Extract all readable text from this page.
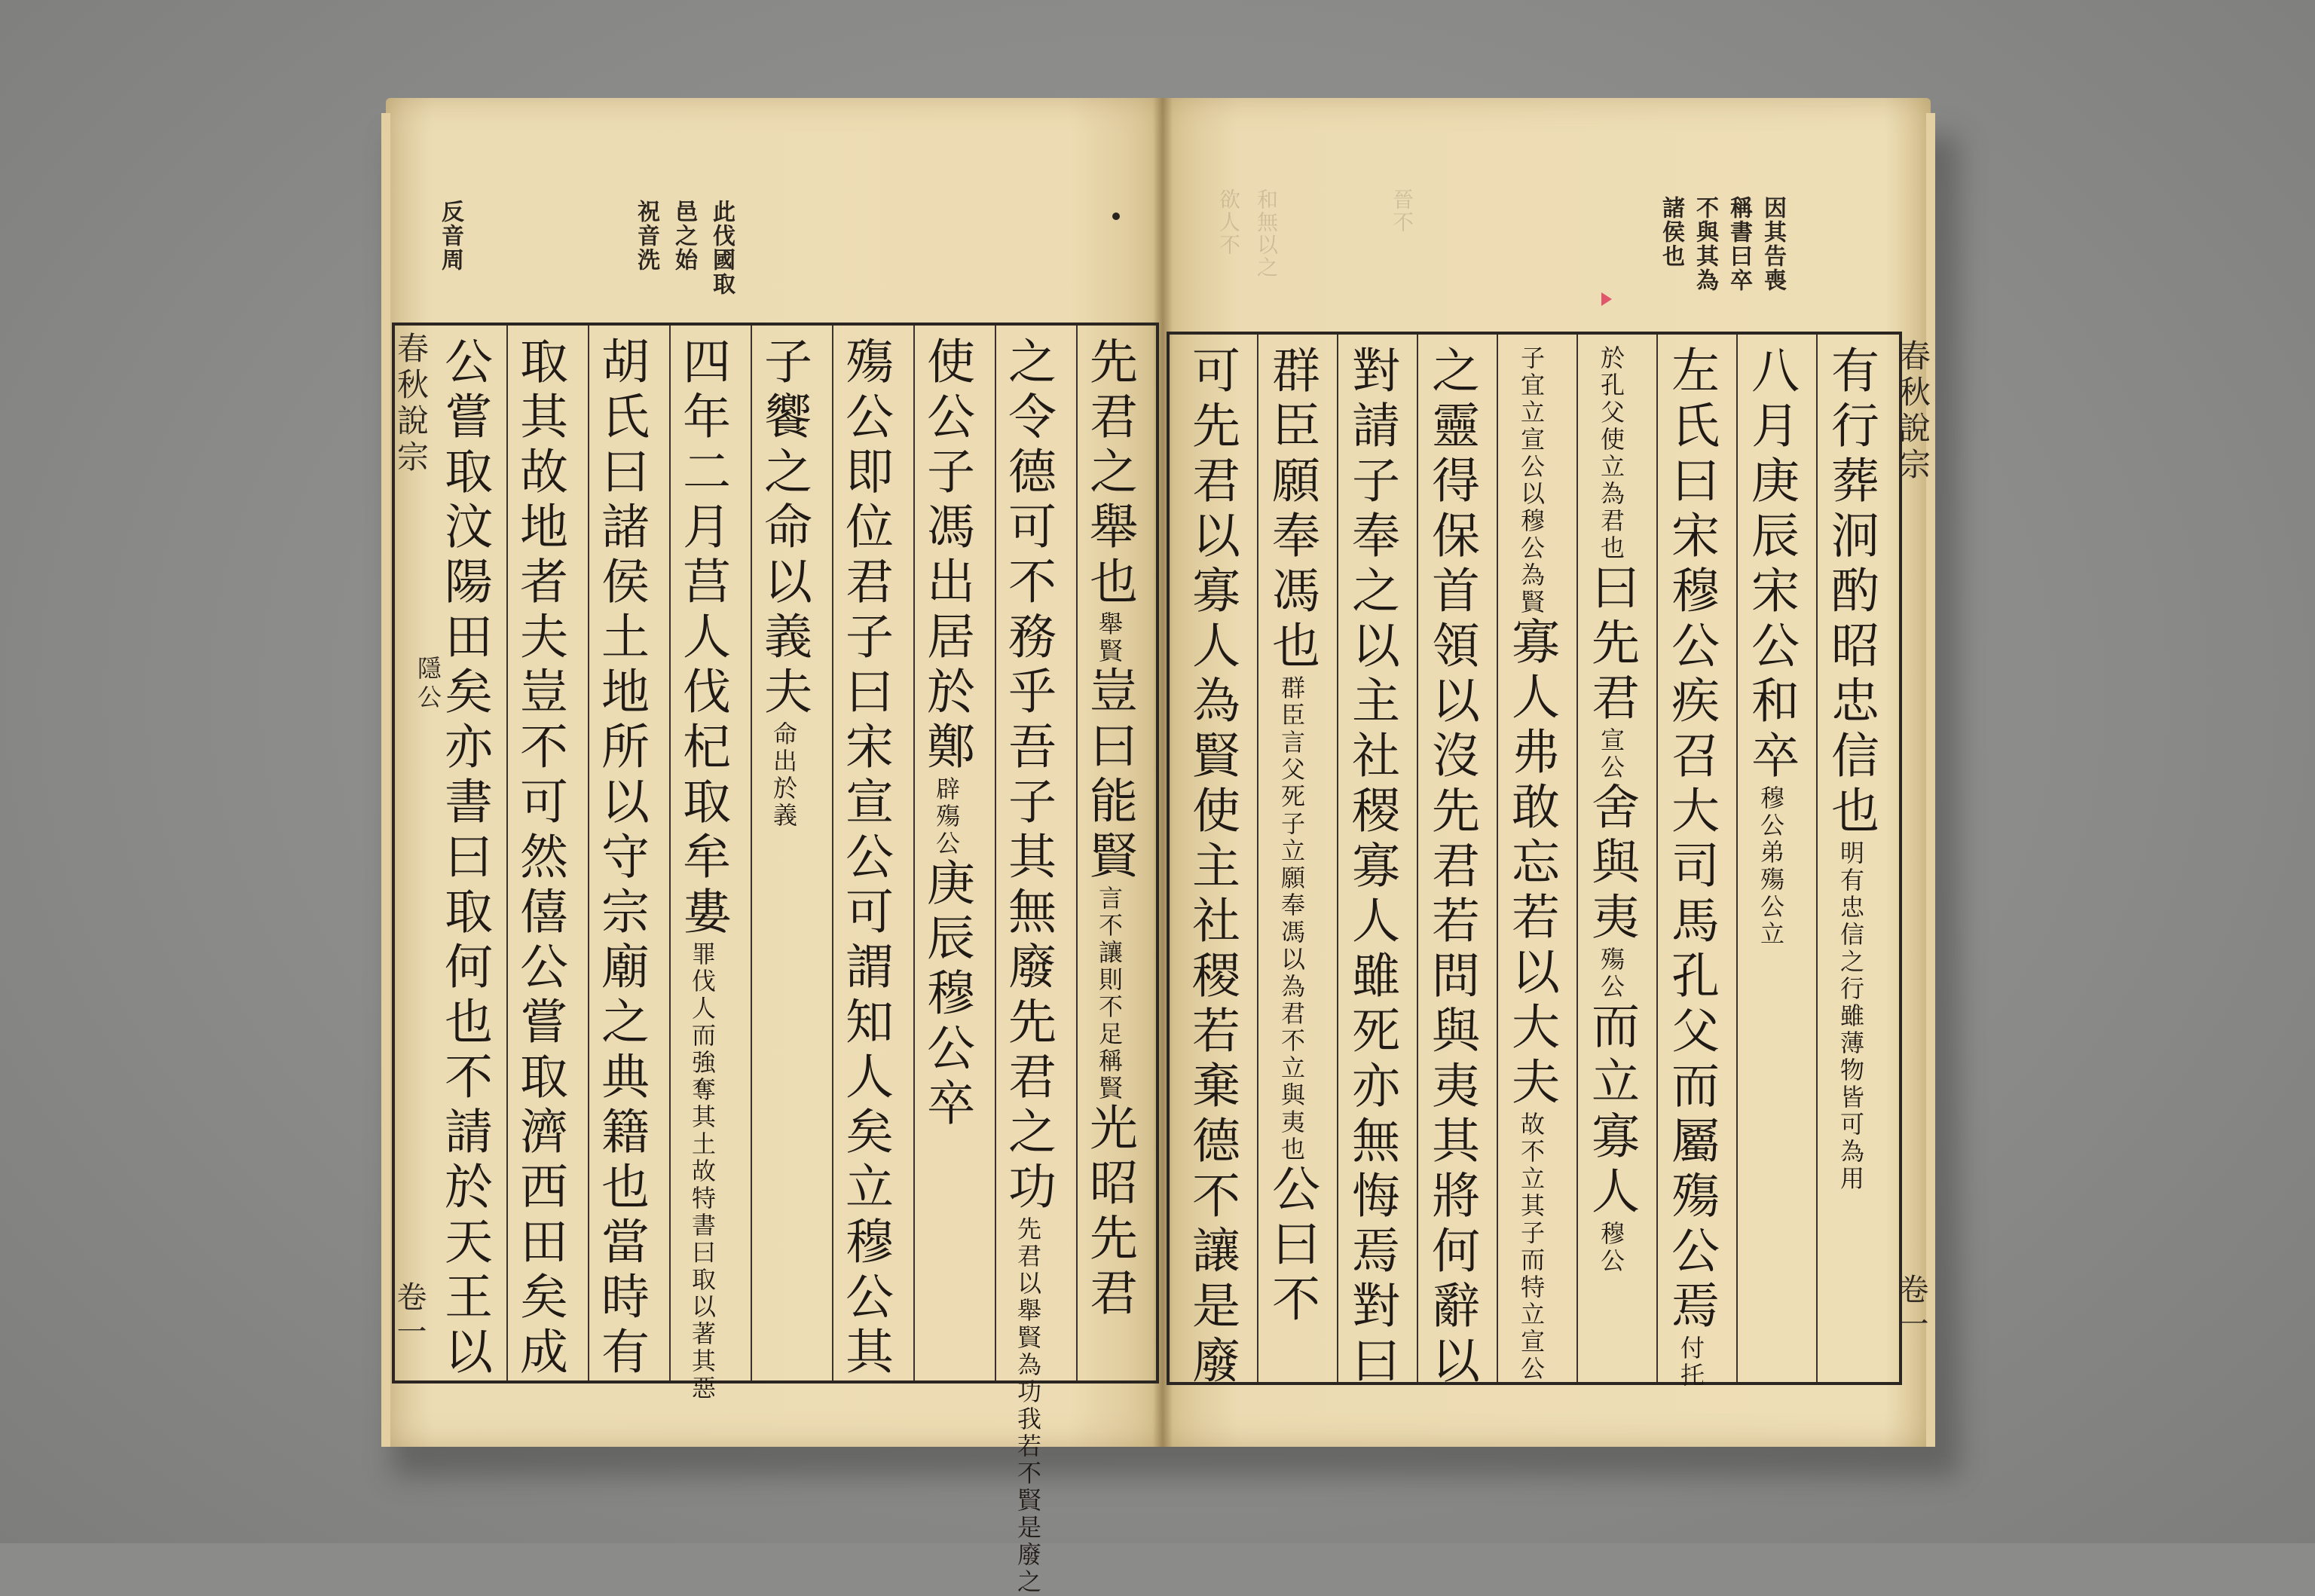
欲人不 和無以之	晉不
此伐國取
邑之始
祝音洗
反音周	因其告喪
稱書曰卒
不與其為
諸侯也
先君之舉也舉賢豈曰能賢言不讓則不足稱賢光昭先君
之令德可不務乎吾子其無廢先君之功先君以舉賢為功我若不賢是廢之
使公子馮出居於鄭辟殤公庚辰穆公卒
殤公即位君子曰宋宣公可謂知人矣立穆公其
子饗之命以義夫命出於義
四年二月莒人伐杞取牟婁罪伐人而強奪其土故特書曰取以著其惡
胡氏曰諸侯土地所以守宗廟之典籍也當時有
取其故地者夫豈不可然僖公嘗取濟西田矣成
公嘗取汶陽田矣亦書曰取何也不請於天王以
春秋說宗
隱公
卷一
有行葬泂酌昭忠信也明有忠信之行雖薄物皆可為用
八月庚辰宋公和卒穆公弟殤公立
左氏曰宋穆公疾召大司馬孔父而屬殤公焉付托
於孔父使立為君也曰先君宣公舍與夷殤公而立寡人穆公
子宜立宣公以穆公為賢寡人弗敢忘若以大夫故不立其子而特立宣公
之靈得保首領以沒先君若問與夷其將何辭以
對請子奉之以主社稷寡人雖死亦無悔焉對曰
群臣願奉馮也群臣言父死子立願奉馮以為君不立與夷也公曰不
可先君以寡人為賢使主社稷若棄德不讓是廢	春秋說宗
卷一
